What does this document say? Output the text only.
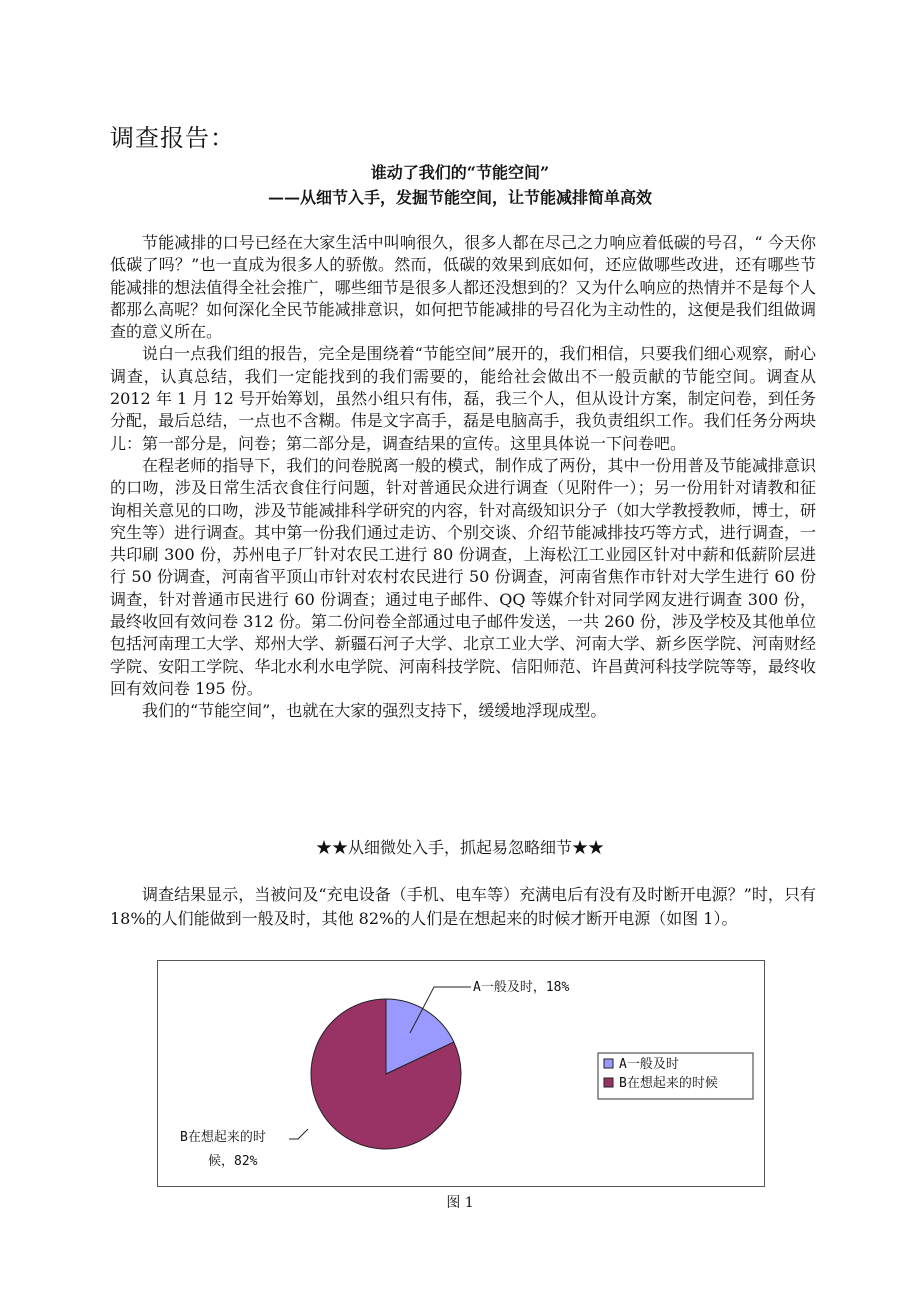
调查报告：
谁动了我们的“节能空间”
——从细节入手，发掘节能空间，让节能减排简单高效

节能减排的口号已经在大家生活中叫响很久，很多人都在尽己之力响应着低碳的号召，“ 今天你低碳了吗？”也一直成为很多人的骄傲。然而，低碳的效果到底如何，还应做哪些改进，还有哪些节能减排的想法值得全社会推广，哪些细节是很多人都还没想到的？又为什么响应的热情并不是每个人都那么高呢？如何深化全民节能减排意识，如何把节能减排的号召化为主动性的，这便是我们组做调查的意义所在。

说白一点我们组的报告，完全是围绕着“节能空间”展开的，我们相信，只要我们细心观察，耐心调查，认真总结，我们一定能找到的我们需要的，能给社会做出不一般贡献的节能空间。调查从 2012 年 1 月 12 号开始筹划，虽然小组只有伟，磊，我三个人，但从设计方案，制定问卷，到任务分配，最后总结，一点也不含糊。伟是文字高手，磊是电脑高手，我负责组织工作。我们任务分两块儿：第一部分是，问卷；第二部分是，调查结果的宣传。这里具体说一下问卷吧。

在程老师的指导下，我们的问卷脱离一般的模式，制作成了两份，其中一份用普及节能减排意识的口吻，涉及日常生活衣食住行问题，针对普通民众进行调查（见附件一）；另一份用针对请教和征询相关意见的口吻，涉及节能减排科学研究的内容，针对高级知识分子（如大学教授教师，博士，研究生等）进行调查。其中第一份我们通过走访、个别交谈、介绍节能减排技巧等方式，进行调查，一共印刷 300 份，苏州电子厂针对农民工进行 80 份调查，上海松江工业园区针对中薪和低薪阶层进行 50 份调查，河南省平顶山市针对农村农民进行 50 份调查，河南省焦作市针对大学生进行 60 份调查，针对普通市民进行 60 份调查；通过电子邮件、QQ 等媒介针对同学网友进行调查 300 份，最终收回有效问卷 312 份。第二份问卷全部通过电子邮件发送，一共 260 份，涉及学校及其他单位包括河南理工大学、郑州大学、新疆石河子大学、北京工业大学、河南大学、新乡医学院、河南财经学院、安阳工学院、华北水利水电学院、河南科技学院、信阳师范、许昌黄河科技学院等等，最终收回有效问卷 195 份。

我们的“节能空间”，也就在大家的强烈支持下，缓缓地浮现成型。

★★从细微处入手，抓起易忽略细节★★

调查结果显示，当被问及“充电设备（手机、电车等）充满电后有没有及时断开电源？”时，只有 18%的人们能做到一般及时，其他 82%的人们是在想起来的时候才断开电源（如图 1）。

A一般及时，18%
B在想起来的时
候，82%
A一般及时
B在想起来的时候
图 1
